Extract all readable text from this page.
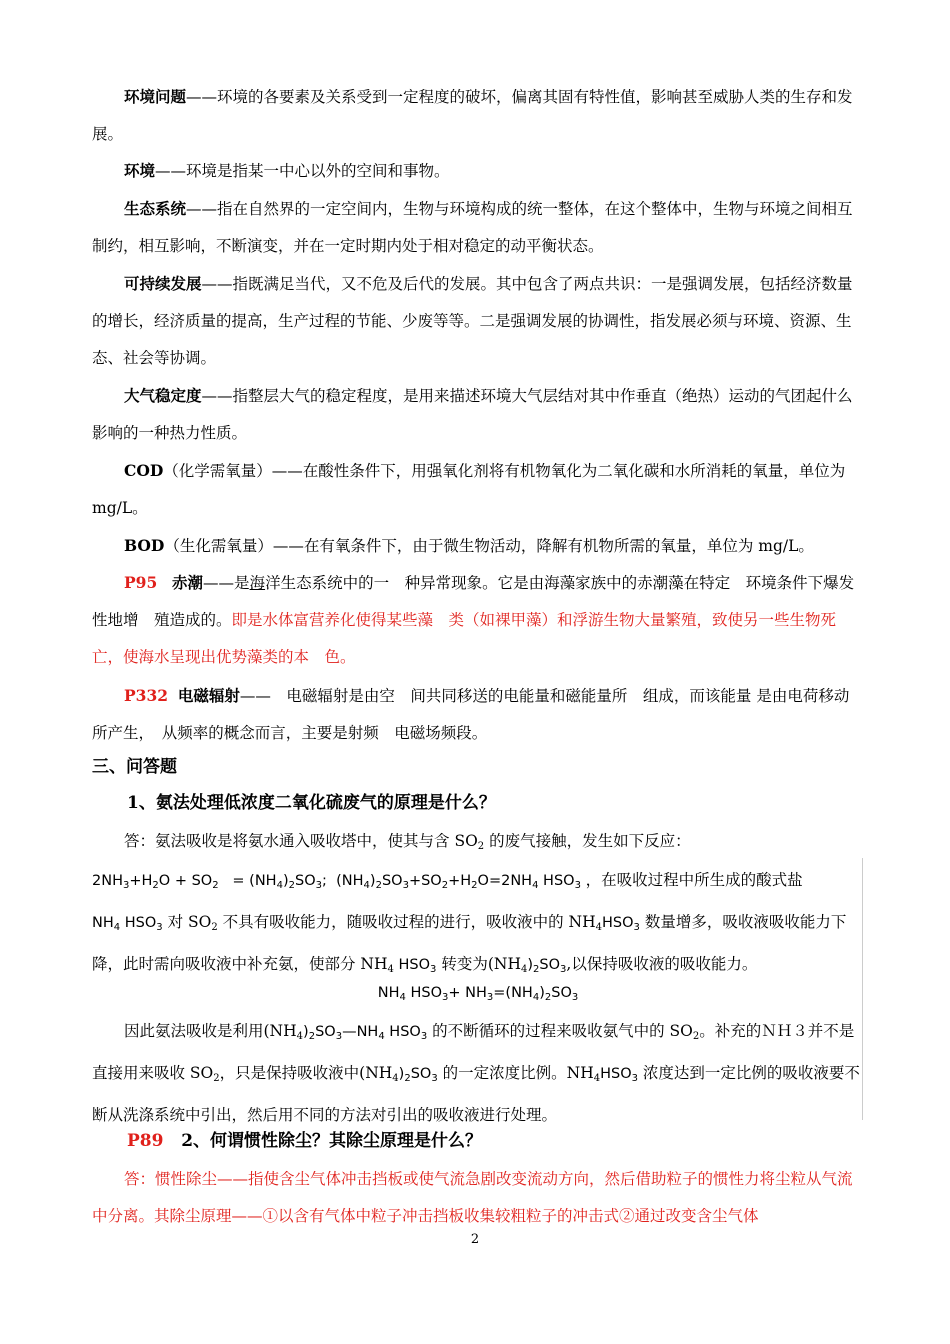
环境问题——环境的各要素及关系受到一定程度的破坏，偏离其固有特性值，影响甚至威胁人类的生存和发展。

环境——环境是指某一中心以外的空间和事物。

生态系统——指在自然界的一定空间内，生物与环境构成的统一整体，在这个整体中，生物与环境之间相互制约，相互影响，不断演变，并在一定时期内处于相对稳定的动平衡状态。

可持续发展——指既满足当代，又不危及后代的发展。其中包含了两点共识：一是强调发展，包括经济数量的增长，经济质量的提高，生产过程的节能、少废等等。二是强调发展的协调性，指发展必须与环境、资源、生态、社会等协调。

大气稳定度——指整层大气的稳定程度，是用来描述环境大气层结对其中作垂直（绝热）运动的气团起什么影响的一种热力性质。

COD（化学需氧量）——在酸性条件下，用强氧化剂将有机物氧化为二氧化碳和水所消耗的氧量，单位为 mg/L。

BOD（生化需氧量）——在有氧条件下，由于微生物活动，降解有机物所需的氧量，单位为 mg/L。

P95 赤潮——是海洋生态系统中的一　种异常现象。它是由海藻家族中的赤潮藻在特定　环境条件下爆发性地增　殖造成的。即是水体富营养化使得某些藻　类（如裸甲藻）和浮游生物大量繁殖，致使另一些生物死　亡，使海水呈现出优势藻类的本　色。

P332 电磁辐射——　电磁辐射是由空　间共同移送的电能量和磁能量所　组成，而该能量 是由电荷移动所产生，　从频率的概念而言，主要是射频　电磁场频段。

三、问答题

1、氨法处理低浓度二氧化硫废气的原理是什么？

答：氨法吸收是将氨水通入吸收塔中，使其与含 $SO_2$ 的废气接触，发生如下反应：

$2NH_3+H_2O + SO_2 = (NH_4)_2SO_3$;  $(NH_4)_2SO_3+SO_2+H_2O=2NH_4$ $HSO_3$ ，在吸收过程中所生成的酸式盐
$NH_4$ $HSO_3$ 对 $SO_2$ 不具有吸收能力，随吸收过程的进行，吸收液中的 $NH_4HSO_3$ 数量增多，吸收液吸收能力下降，此时需向吸收液中补充氨，使部分 $NH_4$ $HSO_3$ 转变为$(NH_4)_2SO_3$,以保持吸收液的吸收能力。

$NH_4$ $HSO_3+ NH_3=(NH_4)_2SO_3$

因此氨法吸收是利用$(NH_4)_2SO_3—NH_4$ $HSO_3$ 的不断循环的过程来吸收氨气中的 $SO_2$。补充的ＮＨ３并不是直接用来吸收 $SO_2$，只是保持吸收液中$(NH_4)_2SO_3$ 的一定浓度比例。$NH_4HSO_3$ 浓度达到一定比例的吸收液要不断从洗涤系统中引出，然后用不同的方法对引出的吸收液进行处理。

P89 2、何谓惯性除尘？其除尘原理是什么？

答：惯性除尘——指使含尘气体冲击挡板或使气流急剧改变流动方向，然后借助粒子的惯性力将尘粒从气流中分离。其除尘原理——①以含有气体中粒子冲击挡板收集较粗粒子的冲击式②通过改变含尘气体

2
